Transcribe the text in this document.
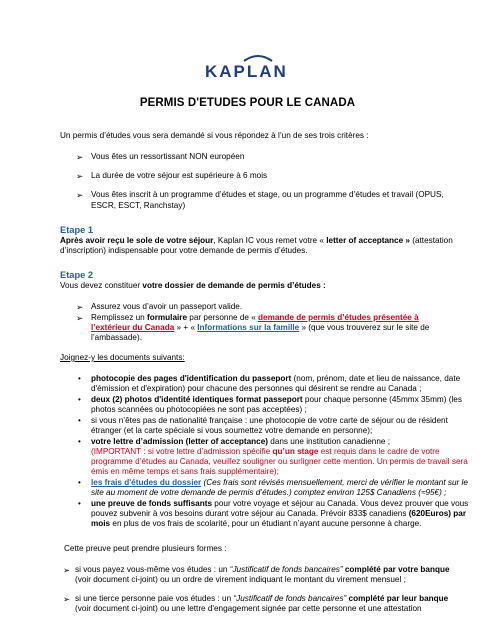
KAPLAN
PERMIS D'ETUDES POUR LE CANADA
Un permis d’études vous sera demandé si vous répondez à l’un de ses trois critères :
➢ Vous êtes un ressortissant NON européen
➢ La durée de votre séjour est supérieure à 6 mois
➢ Vous êtes inscrit à un programme d’études et stage, ou un programme d’études et travail (OPUS,
ESCR, ESCT, Ranchstay)
Etape 1
Après avoir reçu le sole de votre séjour, Kaplan IC vous remet votre « letter of acceptance » (attestation
d’inscription) indispensable pour votre demande de permis d’études.
Etape 2
Vous devez constituer votre dossier de demande de permis d’études :
➢ Assurez vous d’avoir un passeport valide.
➢ Remplissez un formulaire par personne de « demande de permis d’études présentée à
l’extérieur du Canada » + « Informations sur la famille » (que vous trouverez sur le site de
l’ambassade).
Joignez-y les documents suivants:
• photocopie des pages d'identification du passeport (nom, prénom, date et lieu de naissance, date
d'émission et d'expiration) pour chacune des personnes qui désirent se rendre au Canada ;
• deux (2) photos d'identité identiques format passeport pour chaque personne (45mmx 35mm) (les
photos scannées ou photocopiées ne sont pas acceptées) ;
• si vous n’êtes pas de nationalité française : une photocopie de votre carte de séjour ou de résident
étranger (et la carte spéciale si vous soumettez votre demande en personne);
• votre lettre d’admission (letter of acceptance) dans une institution canadienne ;
(IMPORTANT : si votre lettre d’admission spécifie qu’un stage est requis dans le cadre de votre
programme d’études au Canada, veuillez souligner ou surligner cette mention. Un permis de travail sera
émis en même temps et sans frais supplémentaire);
• les frais d'études du dossier (Ces frais sont révisés mensuellement, merci de vérifier le montant sur le
site au moment de votre demande de permis d’études.) comptez environ 125$ Canadiens (≈95€) ;
• une preuve de fonds suffisants pour votre voyage et séjour au Canada. Vous devez prouver que vous
pouvez subvenir à vos besoins durant votre séjour au Canada. Prévoir 833$ canadiens (620Euros) par
mois en plus de vos frais de scolarité, pour un étudiant n’ayant aucune personne à charge.
Cette preuve peut prendre plusieurs formes :
➢ si vous payez vous-même vos études : un “Justificatif de fonds bancaires” complété par votre banque
(voir document ci-joint) ou un ordre de virement indiquant le montant du virement mensuel ;
➢ si une tierce personne paie vos études : un “Justificatif de fonds bancaires” complété par leur banque
(voir document ci-joint) ou une lettre d'engagement signée par cette personne et une attestation
